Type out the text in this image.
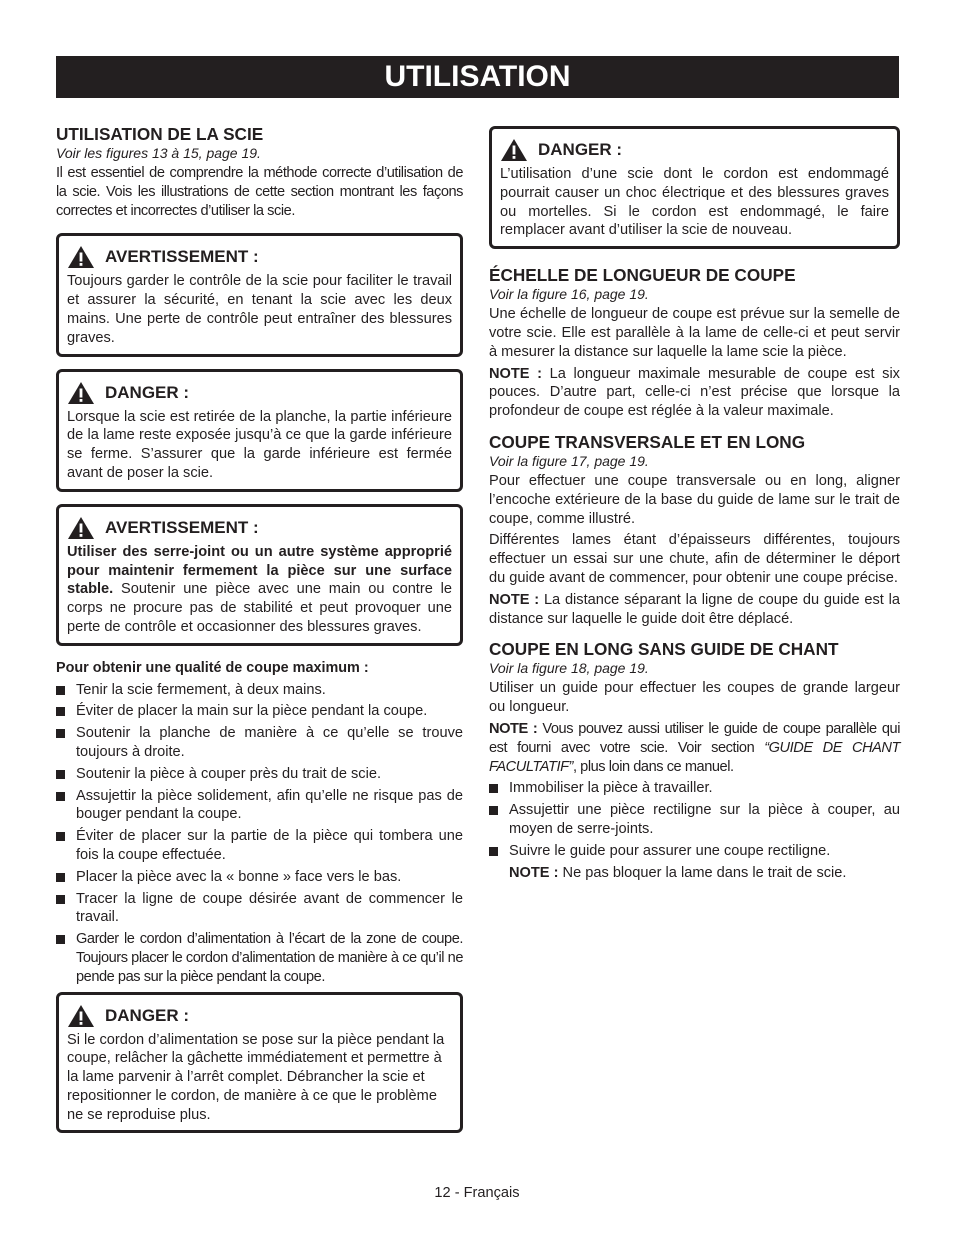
UTILISATION
UTILISATION DE LA SCIE
Voir les figures 13 à 15, page 19.

Il est essentiel de comprendre la méthode correcte d’utilisation de la scie. Vois les illustrations de cette section montrant les façons correctes et incorrectes d’utiliser la scie.

AVERTISSEMENT :

Toujours garder le contrôle de la scie pour faciliter le travail et assurer la sécurité, en tenant la scie avec les deux mains. Une perte de contrôle peut entraîner des blessures graves.

DANGER :

Lorsque la scie est retirée de la planche, la partie inférieure de la lame reste exposée jusqu’à ce que la garde inférieure se ferme. S’assurer que la garde inférieure est fermée avant de poser la scie.

AVERTISSEMENT :

Utiliser des serre-joint ou un autre système approprié pour maintenir fermement la pièce sur une surface stable. Soutenir une pièce avec une main ou contre le corps ne procure pas de stabilité et peut provoquer une perte de contrôle et occasionner des blessures graves.

Pour obtenir une qualité de coupe maximum :
Tenir la scie fermement, à deux mains.
Éviter de placer la main sur la pièce pendant la coupe.
Soutenir la planche de manière à ce qu’elle se trouve toujours à droite.
Soutenir la pièce à couper près du trait de scie.
Assujettir la pièce solidement, afin qu’elle ne risque pas de bouger pendant la coupe.
Éviter de placer sur la partie de la pièce qui tombera une fois la coupe effectuée.
Placer la pièce avec la « bonne » face vers le bas.
Tracer la ligne de coupe désirée avant de commencer le travail.
Garder le cordon d’alimentation à l’écart de la zone de coupe. Toujours placer le cordon d’alimentation de manière à ce qu’il ne pende pas sur la pièce pendant la coupe.
DANGER :

Si le cordon d’alimentation se pose sur la pièce pendant la coupe, relâcher la gâchette immédiatement et permettre à la lame parvenir à l’arrêt complet. Débrancher la scie et repositionner le cordon, de manière à ce que le problème ne se reproduise plus.

DANGER :

L’utilisation d’une scie dont le cordon est endommagé pourrait causer un choc électrique et des blessures graves ou mortelles. Si le cordon est endommagé, le faire remplacer avant d’utiliser la scie de nouveau.

ÉCHELLE DE LONGUEUR DE COUPE
Voir la figure 16, page 19.

Une échelle de longueur de coupe est prévue sur la semelle de votre scie. Elle est parallèle à la lame de celle-ci et peut servir à mesurer la distance sur laquelle la lame scie la pièce.

NOTE : La longueur maximale mesurable de coupe est six pouces. D’autre part, celle-ci n’est précise que lorsque la profondeur de coupe est réglée à la valeur maximale.

COUPE TRANSVERSALE ET EN LONG
Voir la figure 17, page 19.

Pour effectuer une coupe transversale ou en long, aligner l’encoche extérieure de la base du guide de lame sur le trait de coupe, comme illustré.

Différentes lames étant d’épaisseurs différentes, toujours effectuer un essai sur une chute, afin de déterminer le déport du guide avant de commencer, pour obtenir une coupe précise.

NOTE : La distance séparant la ligne de coupe du guide est la distance sur laquelle le guide doit être déplacé.

COUPE EN LONG SANS GUIDE DE CHANT
Voir la figure 18, page 19.

Utiliser un guide pour effectuer les coupes de grande largeur ou longueur.

NOTE : Vous pouvez aussi utiliser le guide de coupe parallèle qui est fourni avec votre scie. Voir section “GUIDE DE CHANT FACULTATIF”, plus loin dans ce manuel.

Immobiliser la pièce à travailler.
Assujettir une pièce rectiligne sur la pièce à couper, au moyen de serre-joints.
Suivre le guide pour assurer une coupe rectiligne.

NOTE : Ne pas bloquer la lame dans le trait de scie.

12 - Français
